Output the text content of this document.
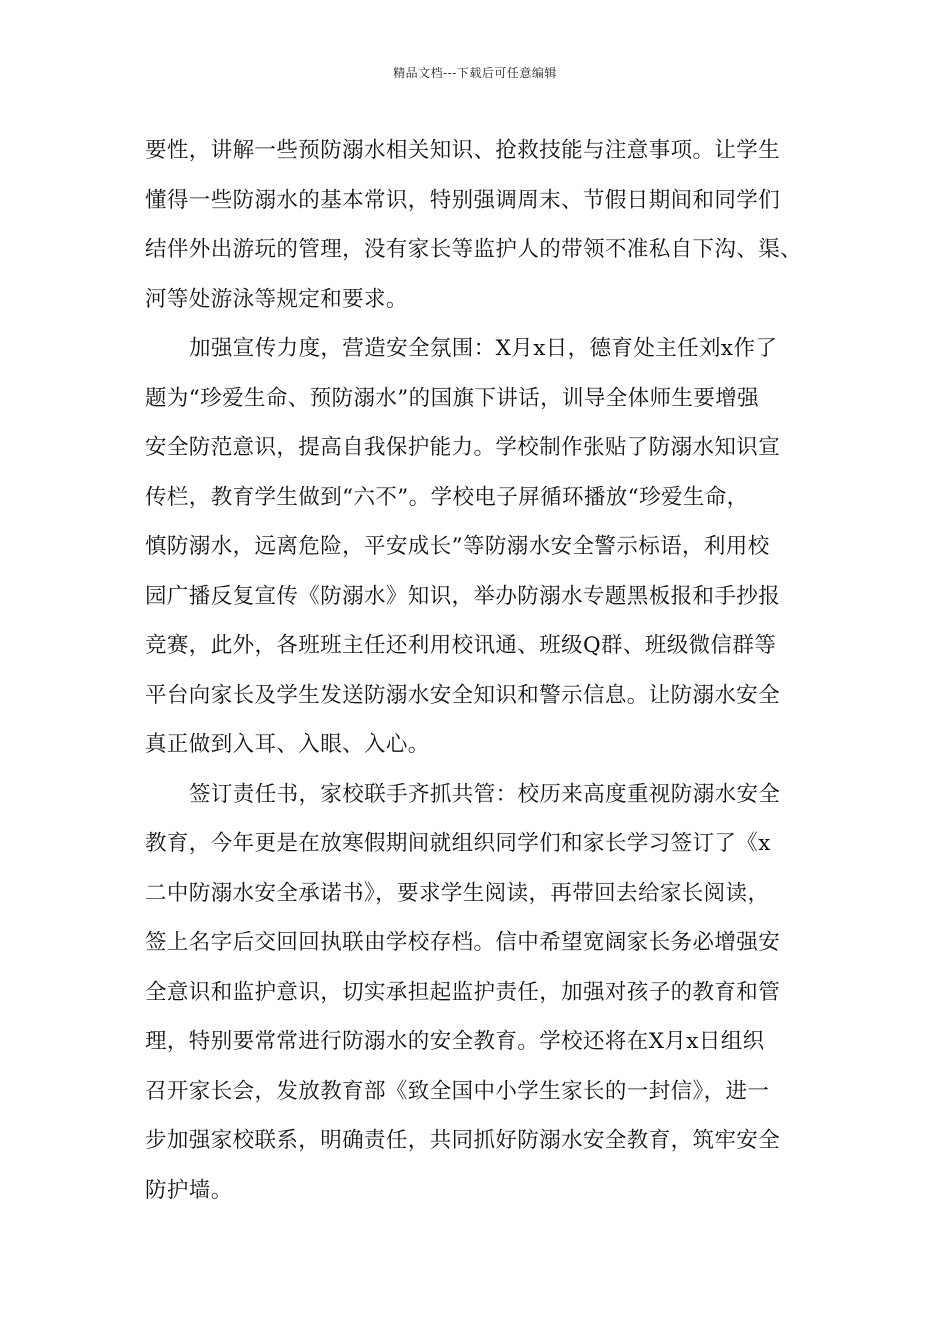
精品文档---下载后可任意编辑
要性，讲解一些预防溺水相关知识、抢救技能与注意事项。让学生
懂得一些防溺水的基本常识，特别强调周末、节假日期间和同学们
结伴外出游玩的管理，没有家长等监护人的带领不准私自下沟、渠、
河等处游泳等规定和要求。
加强宣传力度，营造安全氛围：X月x日，德育处主任刘x作了
题为“珍爱生命、预防溺水”的国旗下讲话，训导全体师生要增强
安全防范意识，提高自我保护能力。学校制作张贴了防溺水知识宣
传栏，教育学生做到“六不”。学校电子屏循环播放“珍爱生命，
慎防溺水，远离危险，平安成长”等防溺水安全警示标语，利用校
园广播反复宣传《防溺水》知识，举办防溺水专题黑板报和手抄报
竞赛，此外，各班班主任还利用校讯通、班级Q群、班级微信群等
平台向家长及学生发送防溺水安全知识和警示信息。让防溺水安全
真正做到入耳、入眼、入心。
签订责任书，家校联手齐抓共管：校历来高度重视防溺水安全
教育，今年更是在放寒假期间就组织同学们和家长学习签订了《x
二中防溺水安全承诺书》，要求学生阅读，再带回去给家长阅读，
签上名字后交回回执联由学校存档。信中希望宽阔家长务必增强安
全意识和监护意识，切实承担起监护责任，加强对孩子的教育和管
理，特别要常常进行防溺水的安全教育。学校还将在X月x日组织
召开家长会，发放教育部《致全国中小学生家长的一封信》，进一
步加强家校联系，明确责任，共同抓好防溺水安全教育，筑牢安全
防护墙。
